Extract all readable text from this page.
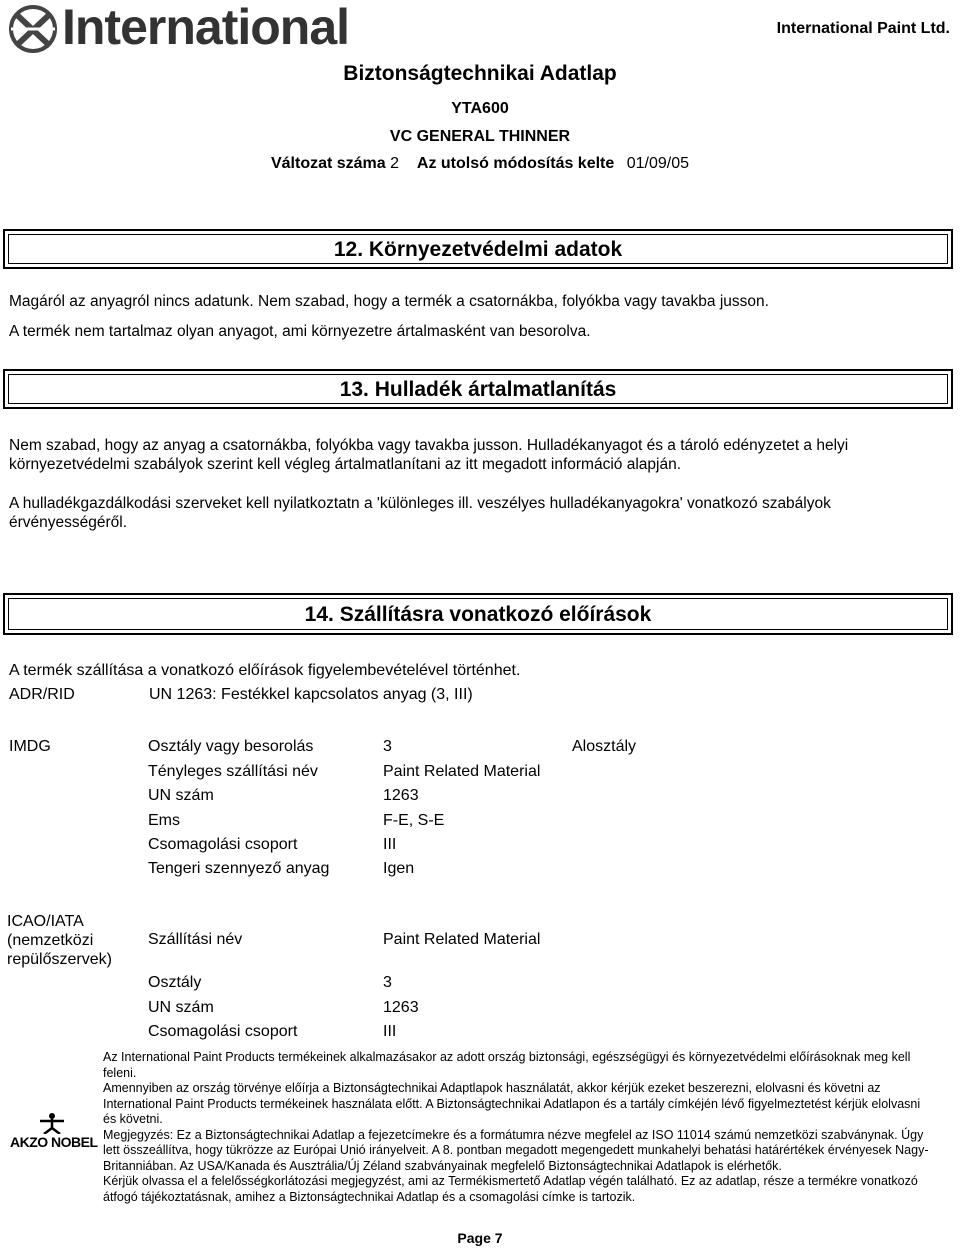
International	International Paint Ltd.
Biztonságtechnikai Adatlap
YTA600
VC GENERAL THINNER
Változat száma 2 Az utolsó módosítás kelte 01/09/05
12. Környezetvédelmi adatok
Magáról az anyagról nincs adatunk. Nem szabad, hogy a termék a csatornákba, folyókba vagy tavakba jusson.
A termék nem tartalmaz olyan anyagot, ami környezetre ártalmasként van besorolva.
13. Hulladék ártalmatlanítás
Nem szabad, hogy az anyag a csatornákba, folyókba vagy tavakba jusson. Hulladékanyagot és a tároló edényzetet a helyi környezetvédelmi szabályok szerint kell végleg ártalmatlanítani az itt megadott információ alapján.
A hulladékgazdálkodási szerveket kell nyilatkoztatn a 'különleges ill. veszélyes hulladékanyagokra' vonatkozó szabályok érvényességéről.
14. Szállításra vonatkozó előírások
A termék szállítása a vonatkozó előírások figyelembevételével történhet.
ADR/RID	UN 1263: Festékkel kapcsolatos anyag (3, III)
IMDG	Osztály vagy besorolás	3	Alosztály
Tényleges szállítási név	Paint Related Material
UN szám	1263
Ems	F-E, S-E
Csomagolási csoport	III
Tengeri szennyező anyag	Igen
ICAO/IATA
(nemzetközi
repülőszervek)
Szállítási név	Paint Related Material
Osztály	3
UN szám	1263
Csomagolási csoport	III
AKZO NOBEL
Az International Paint Products termékeinek alkalmazásakor az adott ország biztonsági, egészségügyi és környezetvédelmi előírásoknak meg kell feleni.
Amennyiben az ország törvénye előírja a Biztonságtechnikai Adaptlapok használatát, akkor kérjük ezeket beszerezni, elolvasni és követni az International Paint Products termékeinek használata előtt. A Biztonságtechnikai Adatlapon és a tartály címkéjén lévő figyelmeztetést kérjük elolvasni és követni.
Megjegyzés: Ez a Biztonságtechnikai Adatlap a fejezetcímekre és a formátumra nézve megfelel az ISO 11014 számú nemzetközi szabványnak. Úgy lett összeállítva, hogy tükrözze az Európai Unió irányelveit. A 8. pontban megadott megengedett munkahelyi behatási határértékek érvényesek Nagy-Britanniában. Az USA/Kanada és Ausztrália/Új Zéland szabványainak megfelelő Biztonságtechnikai Adatlapok is elérhetők.
Kérjük olvassa el a felelősségkorlátozási megjegyzést, ami az Termékismertető Adatlap végén található. Ez az adatlap, része a termékre vonatkozó átfogó tájékoztatásnak, amihez a Biztonságtechnikai Adatlap és a csomagolási címke is tartozik.
Page 7
